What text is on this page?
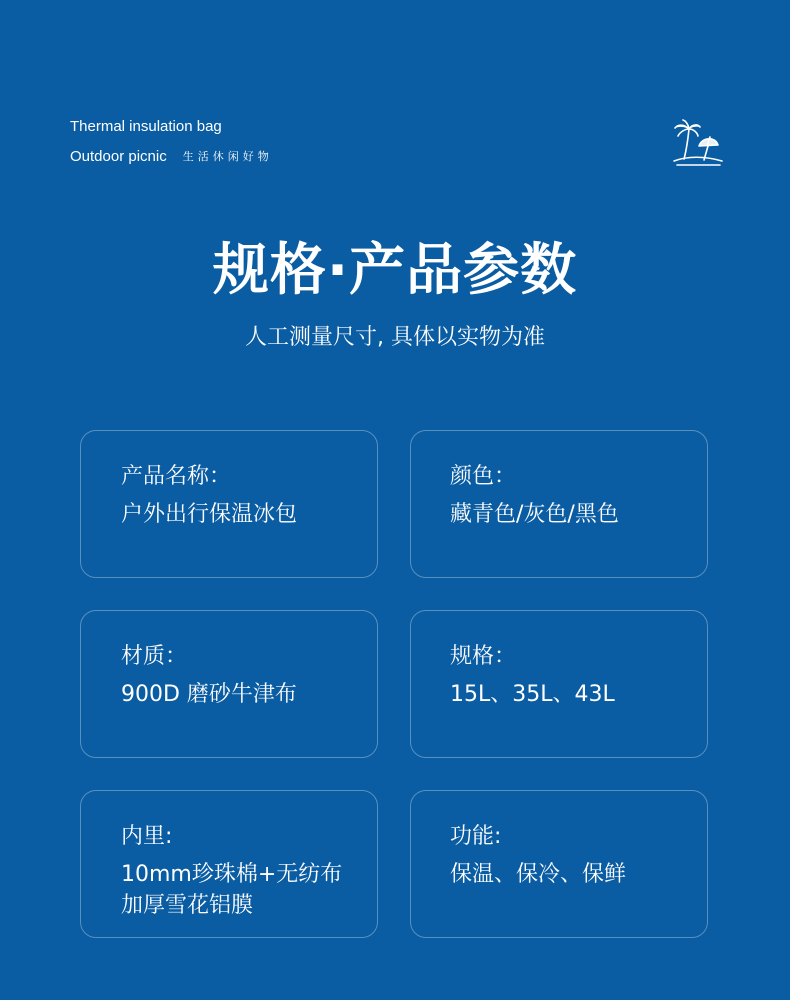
Thermal insulation bag
Outdoor picnic 生活休闲好物
规格·产品参数
人工测量尺寸, 具体以实物为准
产品名称：
户外出行保温冰包
颜色：
藏青色/灰色/黑色
材质：
900D 磨砂牛津布
规格：
15L、35L、43L
内里:
10mm珍珠棉+无纺布 加厚雪花铝膜
功能:
保温、保冷、保鲜
